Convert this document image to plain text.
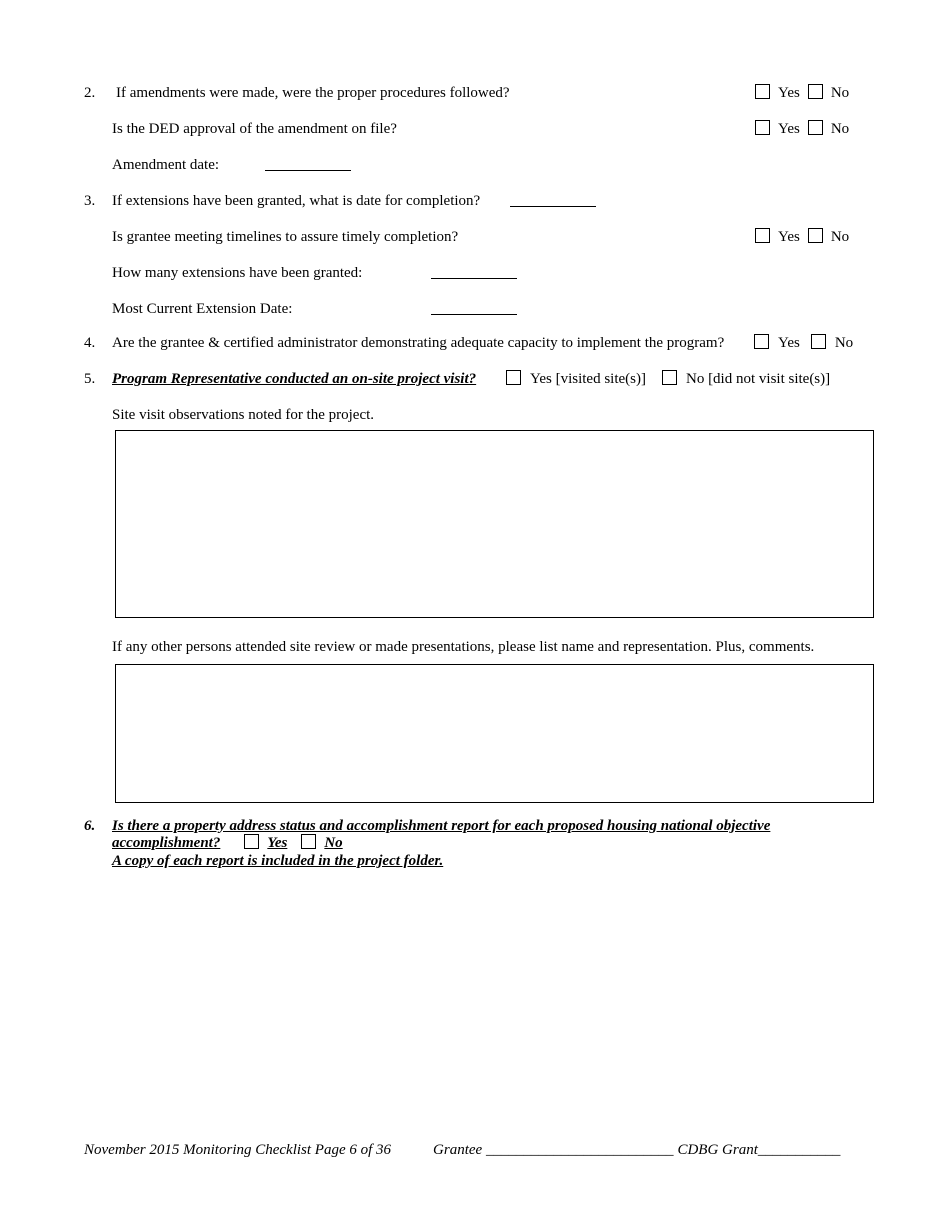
2. If amendments were made, were the proper procedures followed?	Yes No
Is the DED approval of the amendment on file?	Yes No
Amendment date:
3. If extensions have been granted, what is date for completion?
Is grantee meeting timelines to assure timely completion?	Yes No
How many extensions have been granted:
Most Current Extension Date:
4. Are the grantee & certified administrator demonstrating adequate capacity to implement the program?	Yes No
5. Program Representative conducted an on-site project visit?	Yes [visited site(s)]	No [did not visit site(s)]
Site visit observations noted for the project.
If any other persons attended site review or made presentations, please list name and representation. Plus, comments.
6. Is there a property address status and accomplishment report for each proposed housing national objective
accomplishment?	Yes No
A copy of each report is included in the project folder.
November 2015 Monitoring Checklist Page 6 of 36	Grantee _________________________ CDBG Grant___________
